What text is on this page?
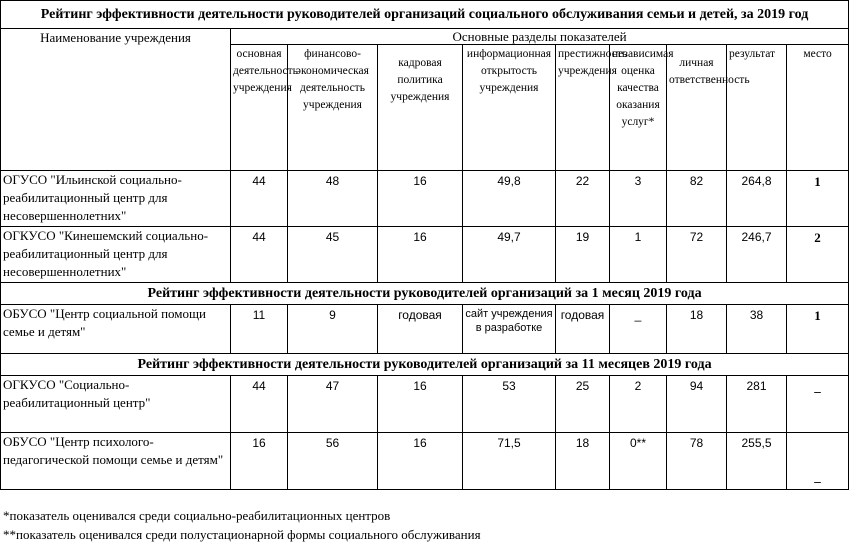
Рейтинг эффективности деятельности руководителей организаций социального обслуживания семьи и детей, за 2019 год									
Наименование учреждения	Основные разделы показателей								
	основная деятельность учреждения	финансово-экономическая деятельность учреждения	кадровая политика учреждения	информационная открытость учреждения	престижность учреждения	независимая оценка качества оказания услуг*	личная ответственность	результат	место
ОГУСО "Ильинской социально-реабилитационный центр для несовершеннолетних"	44	48	16	49,8	22	3	82	264,8	1
ОГКУСО "Кинешемский социально-реабилитационный центр для несовершеннолетних"	44	45	16	49,7	19	1	72	246,7	2
Рейтинг эффективности деятельности руководителей организаций за 1 месяц 2019 года									
ОБУСО "Центр социальной помощи семье и детям"	11	9	годовая	сайт учреждения в разработке	годовая	_	18	38	1
Рейтинг эффективности деятельности руководителей организаций за 11 месяцев 2019 года									
ОГКУСО "Социально-реабилитационный центр"	44	47	16	53	25	2	94	281	_
ОБУСО "Центр психолого-педагогической помощи семье и детям"	16	56	16	71,5	18	0**	78	255,5	_
*показатель оценивался среди социально-реабилитационных центров
**показатель оценивался среди полустационарной формы социального обслуживания
